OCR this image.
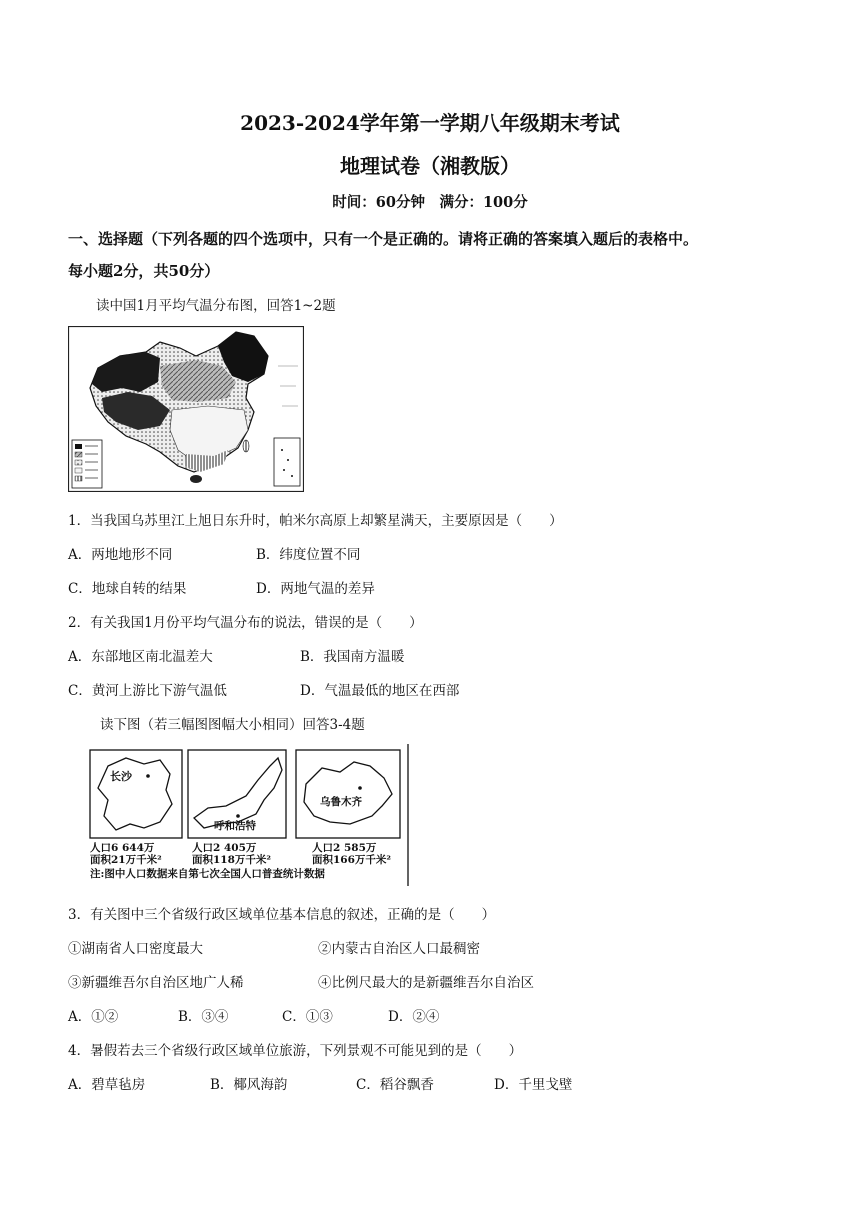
2023-2024学年第一学期八年级期末考试
地理试卷（湘教版）
时间：60分钟　满分：100分
一、选择题（下列各题的四个选项中，只有一个是正确的。请将正确的答案填入题后的表格中。
每小题2分，共50分）
读中国1月平均气温分布图，回答1~2题
1．当我国乌苏里江上旭日东升时，帕米尔高原上却繁星满天，主要原因是（　　）
A．两地地形不同	B．纬度位置不同
C．地球自转的结果	D．两地气温的差异
2．有关我国1月份平均气温分布的说法，错误的是（　　）
A．东部地区南北温差大	B．我国南方温暖
C．黄河上游比下游气温低	D．气温最低的地区在西部
读下图（若三幅图图幅大小相同）回答3-4题
长沙
呼和浩特
乌鲁木齐
人口6 644万
面积21万千米²
人口2 405万
面积118万千米²
人口2 585万
面积166万千米²
注:图中人口数据来自第七次全国人口普查统计数据
3．有关图中三个省级行政区域单位基本信息的叙述，正确的是（　　）
①湖南省人口密度最大	②内蒙古自治区人口最稠密
③新疆维吾尔自治区地广人稀	④比例尺最大的是新疆维吾尔自治区
A．①②	B．③④	C．①③	D．②④
4．暑假若去三个省级行政区域单位旅游，下列景观不可能见到的是（　　）
A．碧草毡房	B．椰风海韵	C．稻谷飘香	D．千里戈壁
